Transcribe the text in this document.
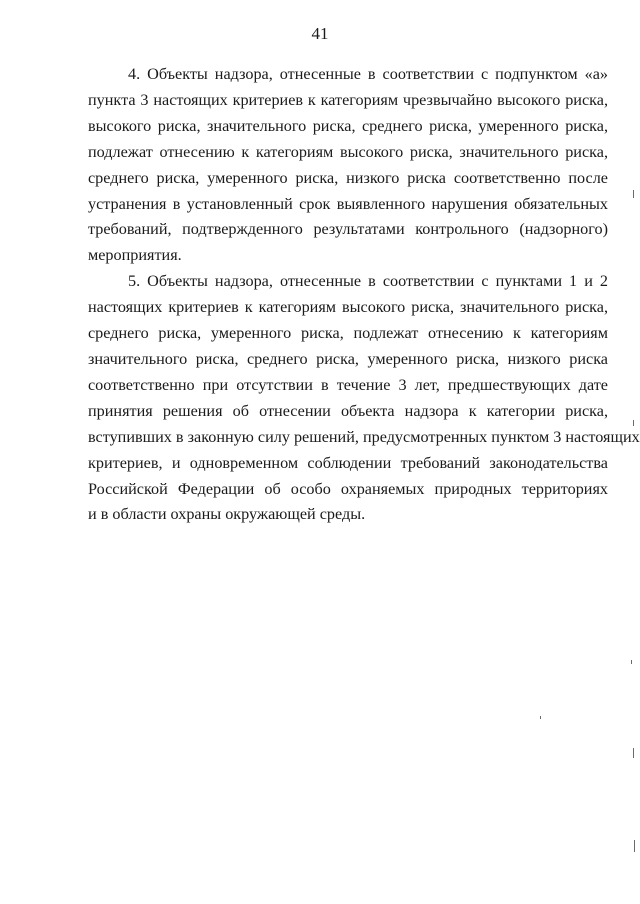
41
4. Объекты надзора, отнесенные в соответствии с подпунктом «а»
пункта 3 настоящих критериев к категориям чрезвычайно высокого риска,
высокого риска, значительного риска, среднего риска, умеренного риска,
подлежат отнесению к категориям высокого риска, значительного риска,
среднего риска, умеренного риска, низкого риска соответственно после
устранения в установленный срок выявленного нарушения обязательных
требований, подтвержденного результатами контрольного (надзорного)
мероприятия.
5. Объекты надзора, отнесенные в соответствии с пунктами 1 и 2
настоящих критериев к категориям высокого риска, значительного риска,
среднего риска, умеренного риска, подлежат отнесению к категориям
значительного риска, среднего риска, умеренного риска, низкого риска
соответственно при отсутствии в течение 3 лет, предшествующих дате
принятия решения об отнесении объекта надзора к категории риска,
вступивших в законную силу решений, предусмотренных пунктом 3 настоящих
критериев, и одновременном соблюдении требований законодательства
Российской Федерации об особо охраняемых природных территориях
и в области охраны окружающей среды.
